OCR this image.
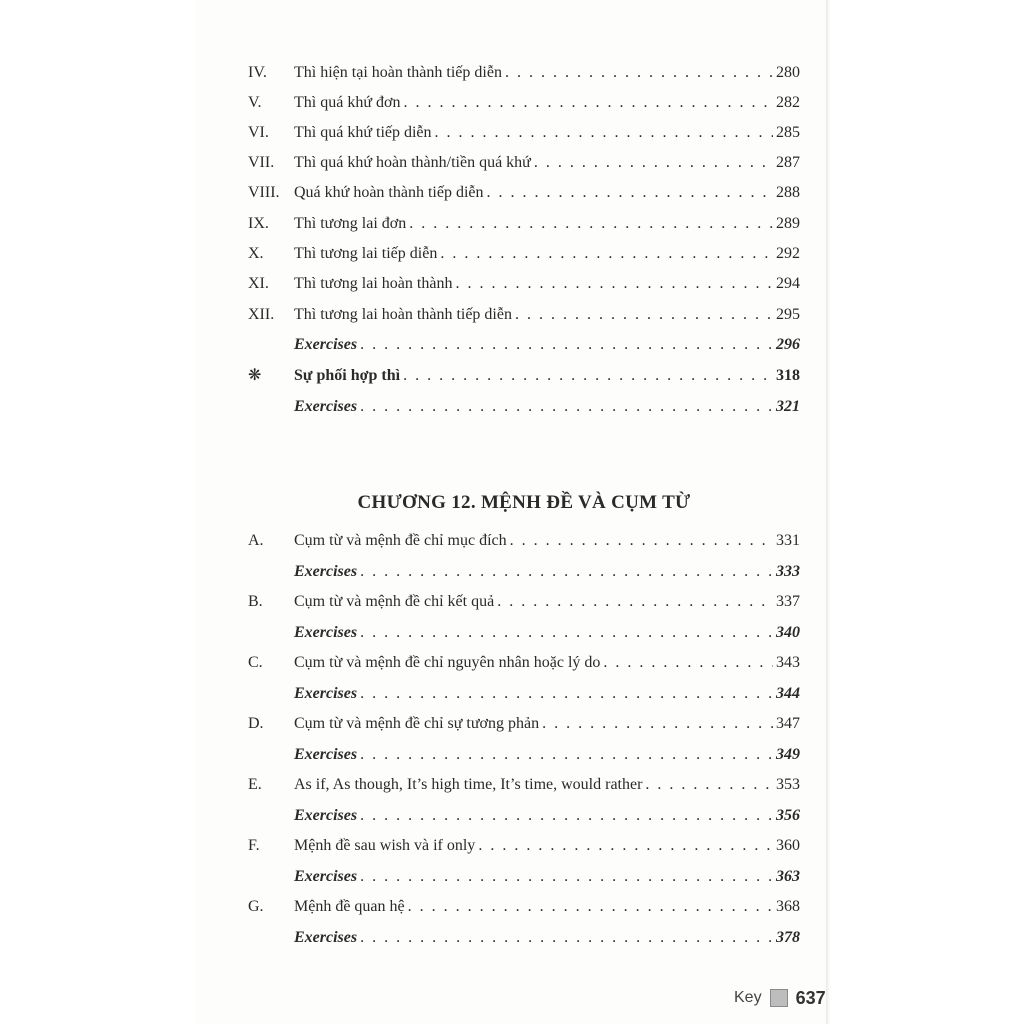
IV.	Thì hiện tại hoàn thành tiếp diễn . . .	280
V.	Thì quá khứ đơn . . .	282
VI.	Thì quá khứ tiếp diễn . . .	285
VII.	Thì quá khứ hoàn thành/tiền quá khứ . . .	287
VIII. Quá khứ hoàn thành tiếp diễn . . .	288
IX.	Thì tương lai đơn . . .	289
X.	Thì tương lai tiếp diễn . . .	292
XI.	Thì tương lai hoàn thành . . .	294
XII.	Thì tương lai hoàn thành tiếp diễn . . .	295
Exercises . . .	296
❋	Sự phối hợp thì . . .	318
Exercises . . .	321
CHƯƠNG 12. MỆNH ĐỀ VÀ CỤM TỪ
A.	Cụm từ và mệnh đề chỉ mục đích . . .	331
Exercises . . .	333
B.	Cụm từ và mệnh đề chỉ kết quả . . .	337
Exercises . . .	340
C.	Cụm từ và mệnh đề chỉ nguyên nhân hoặc lý do . . .	343
Exercises . . .	344
D.	Cụm từ và mệnh đề chỉ sự tương phản . . .	347
Exercises . . .	349
E.	As if, As though, It’s high time, It’s time, would rather . . .	353
Exercises . . .	356
F.	Mệnh đề sau wish và if only . . .	360
Exercises . . .	363
G.	Mệnh đề quan hệ . . .	368
Exercises . . .	378
Key 637
